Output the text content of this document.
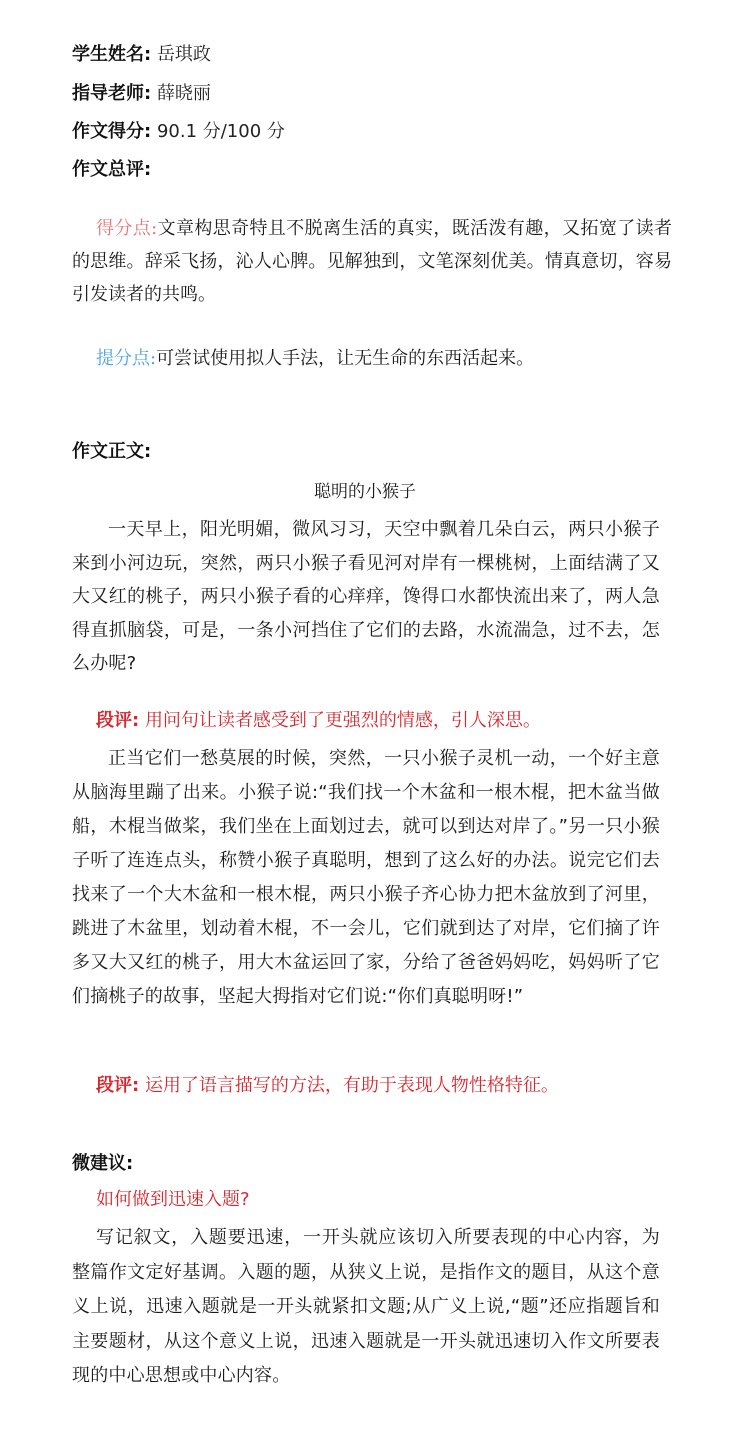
学生姓名: 岳琪政
指导老师: 薛晓丽
作文得分: 90.1 分/100 分
作文总评:
得分点:文章构思奇特且不脱离生活的真实，既活泼有趣，又拓宽了读者的思维。辞采飞扬，沁人心脾。见解独到，文笔深刻优美。情真意切，容易引发读者的共鸣。
提分点:可尝试使用拟人手法，让无生命的东西活起来。
作文正文:
聪明的小猴子
一天早上，阳光明媚，微风习习，天空中飘着几朵白云，两只小猴子来到小河边玩，突然，两只小猴子看见河对岸有一棵桃树，上面结满了又大又红的桃子，两只小猴子看的心痒痒，馋得口水都快流出来了，两人急得直抓脑袋，可是，一条小河挡住了它们的去路，水流湍急，过不去，怎么办呢?
段评: 用问句让读者感受到了更强烈的情感，引人深思。
正当它们一愁莫展的时候，突然，一只小猴子灵机一动，一个好主意从脑海里蹦了出来。小猴子说:“我们找一个木盆和一根木棍，把木盆当做船，木棍当做桨，我们坐在上面划过去，就可以到达对岸了。”另一只小猴子听了连连点头，称赞小猴子真聪明，想到了这么好的办法。说完它们去找来了一个大木盆和一根木棍，两只小猴子齐心协力把木盆放到了河里，跳进了木盆里，划动着木棍，不一会儿，它们就到达了对岸，它们摘了许多又大又红的桃子，用大木盆运回了家，分给了爸爸妈妈吃，妈妈听了它们摘桃子的故事，坚起大拇指对它们说:“你们真聪明呀!”
段评: 运用了语言描写的方法，有助于表现人物性格特征。
微建议:
如何做到迅速入题?
写记叙文，入题要迅速，一开头就应该切入所要表现的中心内容，为整篇作文定好基调。入题的题，从狭义上说，是指作文的题目，从这个意义上说，迅速入题就是一开头就紧扣文题;从广义上说,“题”还应指题旨和主要题材，从这个意义上说，迅速入题就是一开头就迅速切入作文所要表现的中心思想或中心内容。
